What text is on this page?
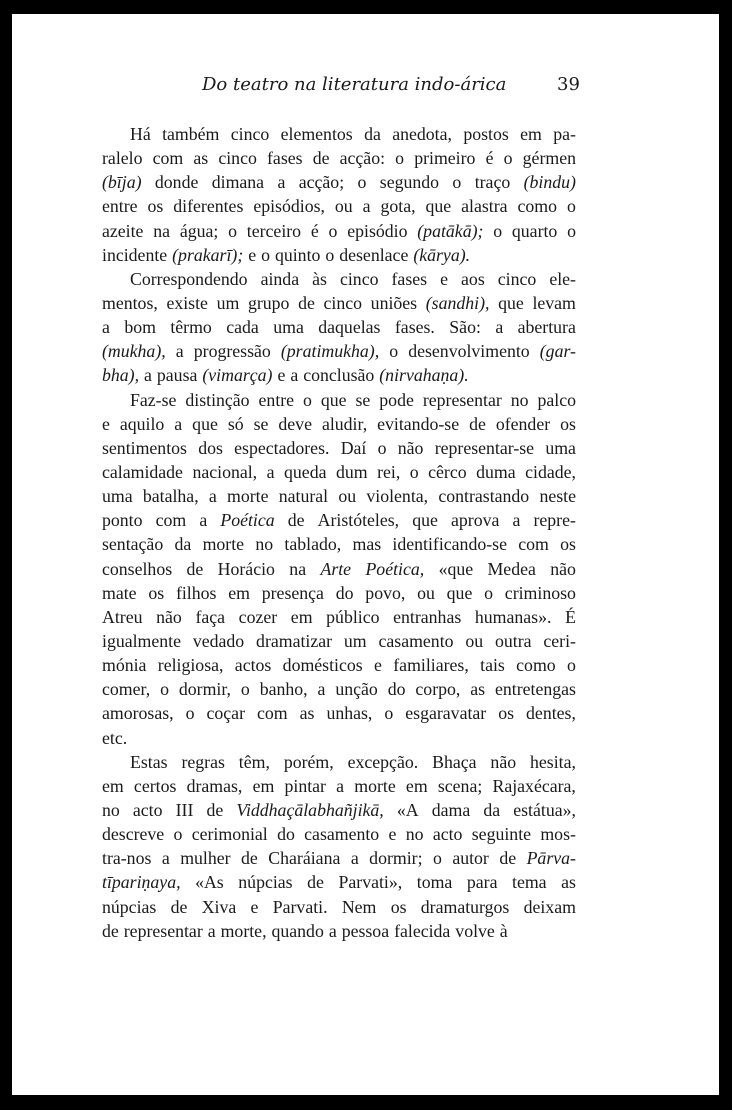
Do teatro na literatura indo-árica	39
Há também cinco elementos da anedota, postos em pa-
ralelo com as cinco fases de acção: o primeiro é o gérmen
(bīja) donde dimana a acção; o segundo o traço (bindu)
entre os diferentes episódios, ou a gota, que alastra como o
azeite na água; o terceiro é o episódio (patākā); o quarto o
incidente (prakarī); e o quinto o desenlace (kārya).
Correspondendo ainda às cinco fases e aos cinco ele-
mentos, existe um grupo de cinco uniões (sandhi), que levam
a bom têrmo cada uma daquelas fases. São: a abertura
(mukha), a progressão (pratimukha), o desenvolvimento (gar-
bha), a pausa (vimarça) e a conclusão (nirvahaṇa).
Faz-se distinção entre o que se pode representar no palco
e aquilo a que só se deve aludir, evitando-se de ofender os
sentimentos dos espectadores. Daí o não representar-se uma
calamidade nacional, a queda dum rei, o cêrco duma cidade,
uma batalha, a morte natural ou violenta, contrastando neste
ponto com a Poética de Aristóteles, que aprova a repre-
sentação da morte no tablado, mas identificando-se com os
conselhos de Horácio na Arte Poética, «que Medea não
mate os filhos em presença do povo, ou que o criminoso
Atreu não faça cozer em público entranhas humanas». É
igualmente vedado dramatizar um casamento ou outra ceri-
mónia religiosa, actos domésticos e familiares, tais como o
comer, o dormir, o banho, a unção do corpo, as entretengas
amorosas, o coçar com as unhas, o esgaravatar os dentes,
etc.
Estas regras têm, porém, excepção. Bhaça não hesita,
em certos dramas, em pintar a morte em scena; Rajaxécara,
no acto III de Viddhaçālabhañjikā, «A dama da estátua»,
descreve o cerimonial do casamento e no acto seguinte mos-
tra-nos a mulher de Charáiana a dormir; o autor de Pārva-
tīpariṇaya, «As núpcias de Parvati», toma para tema as
núpcias de Xiva e Parvati. Nem os dramaturgos deixam
de representar a morte, quando a pessoa falecida volve à
